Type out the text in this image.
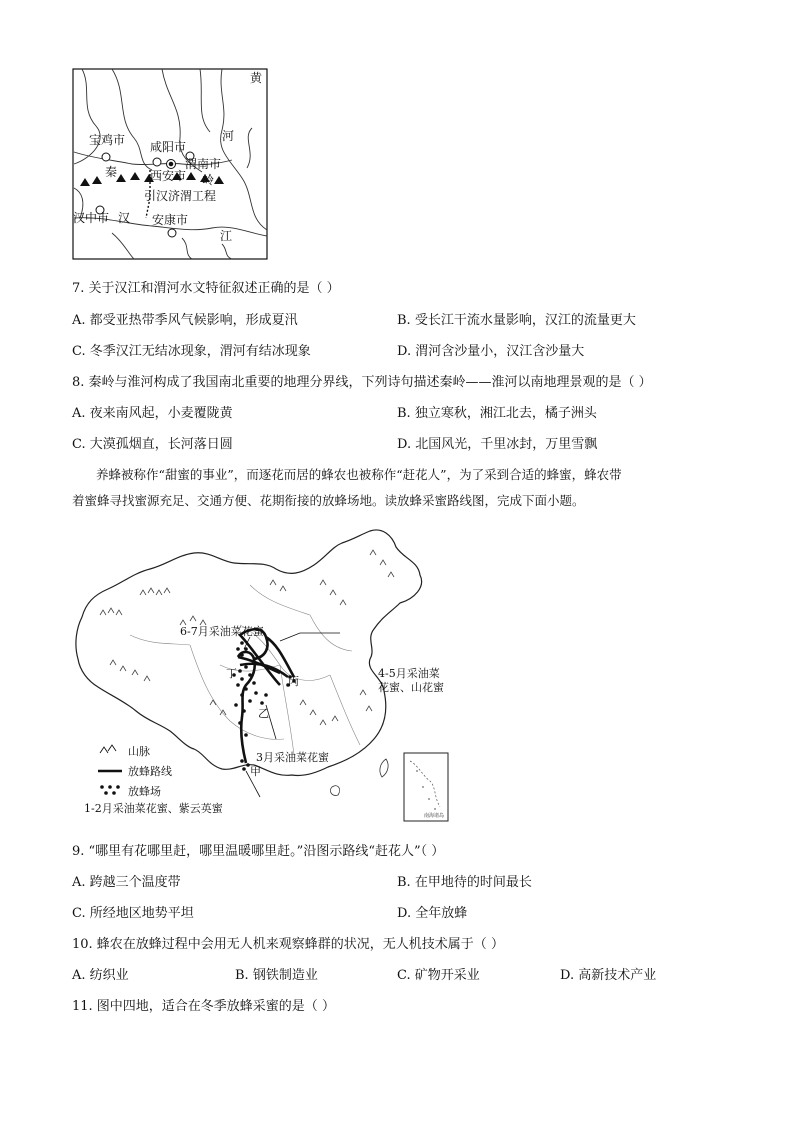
黄
河
宝鸡市 咸阳市
渭南市
秦	西安市 岭
引汉济渭工程
汉中市 汉 安康市
江
7. 关于汉江和渭河水文特征叙述正确的是（ ）
A. 都受亚热带季风气候影响，形成夏汛	B. 受长江干流水量影响，汉江的流量更大
C. 冬季汉江无结冰现象，渭河有结冰现象	D. 渭河含沙量小，汉江含沙量大
8. 秦岭与淮河构成了我国南北重要的地理分界线，下列诗句描述秦岭——淮河以南地理景观的是（ ）
A. 夜来南风起，小麦覆陇黄	B. 独立寒秋，湘江北去，橘子洲头
C. 大漠孤烟直，长河落日圆	D. 北国风光，千里冰封，万里雪飘
养蜂被称作“甜蜜的事业”，而逐花而居的蜂农也被称作“赶花人”，为了采到合适的蜂蜜，蜂农带
着蜜蜂寻找蜜源充足、交通方便、花期衔接的放蜂场地。读放蜂采蜜路线图，完成下面小题。
6-7月采油菜花蜜
4-5月采油菜
花蜜、山花蜜
3月采油菜花蜜
1-2月采油菜花蜜、紫云英蜜
丁
丙
乙
甲
山脉
放蜂路线
放蜂场
南海诸岛
9. “哪里有花哪里赶，哪里温暖哪里赶。”沿图示路线“赶花人”（ ）
A. 跨越三个温度带	B. 在甲地待的时间最长
C. 所经地区地势平坦	D. 全年放蜂
10. 蜂农在放蜂过程中会用无人机来观察蜂群的状况，无人机技术属于（ ）
A. 纺织业	B. 钢铁制造业	C. 矿物开采业	D. 高新技术产业
11. 图中四地，适合在冬季放蜂采蜜的是（ ）
